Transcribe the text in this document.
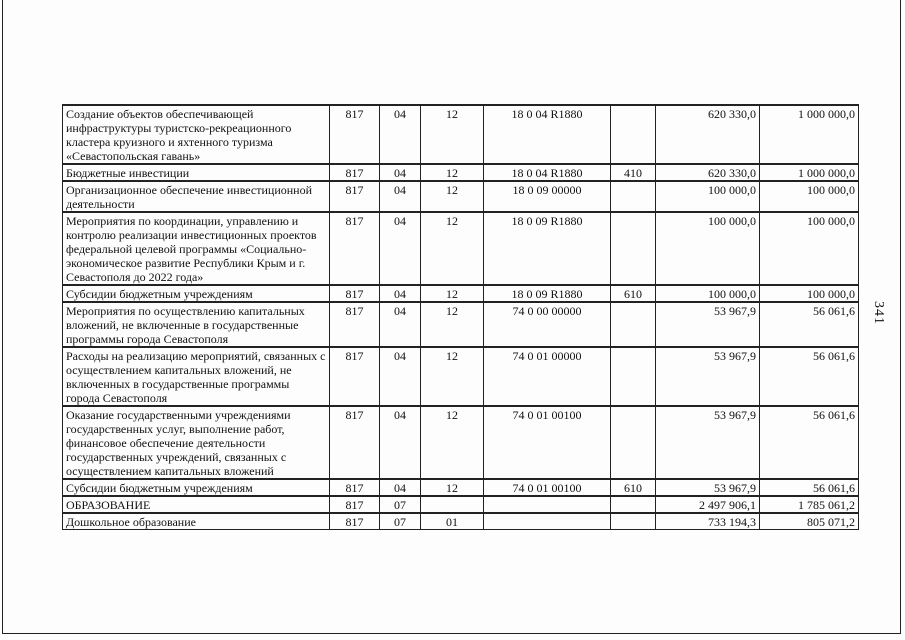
341
Создание объектов обеспечивающей инфраструктуры туристско-рекреационного кластера круизного и яхтенного туризма «Севастопольская гавань»	817	04	12	18 0 04 R1880		620 330,0	1 000 000,0
Бюджетные инвестиции	817	04	12	18 0 04 R1880	410	620 330,0	1 000 000,0
Организационное обеспечение инвестиционной деятельности	817	04	12	18 0 09 00000		100 000,0	100 000,0
Мероприятия по координации, управлению и контролю реализации инвестиционных проектов федеральной целевой программы «Социально-экономическое развитие Республики Крым и г. Севастополя до 2022 года»	817	04	12	18 0 09 R1880		100 000,0	100 000,0
Субсидии бюджетным учреждениям	817	04	12	18 0 09 R1880	610	100 000,0	100 000,0
Мероприятия по осуществлению капитальных вложений, не включенные в государственные программы города Севастополя	817	04	12	74 0 00 00000		53 967,9	56 061,6
Расходы на реализацию мероприятий, связанных с осуществлением капитальных вложений, не включенных в государственные программы города Севастополя	817	04	12	74 0 01 00000		53 967,9	56 061,6
Оказание государственными учреждениями государственных услуг, выполнение работ, финансовое обеспечение деятельности государственных учреждений, связанных с осуществлением капитальных вложений	817	04	12	74 0 01 00100		53 967,9	56 061,6
Субсидии бюджетным учреждениям	817	04	12	74 0 01 00100	610	53 967,9	56 061,6
ОБРАЗОВАНИЕ	817	07				2 497 906,1	1 785 061,2
Дошкольное образование	817	07	01			733 194,3	805 071,2
